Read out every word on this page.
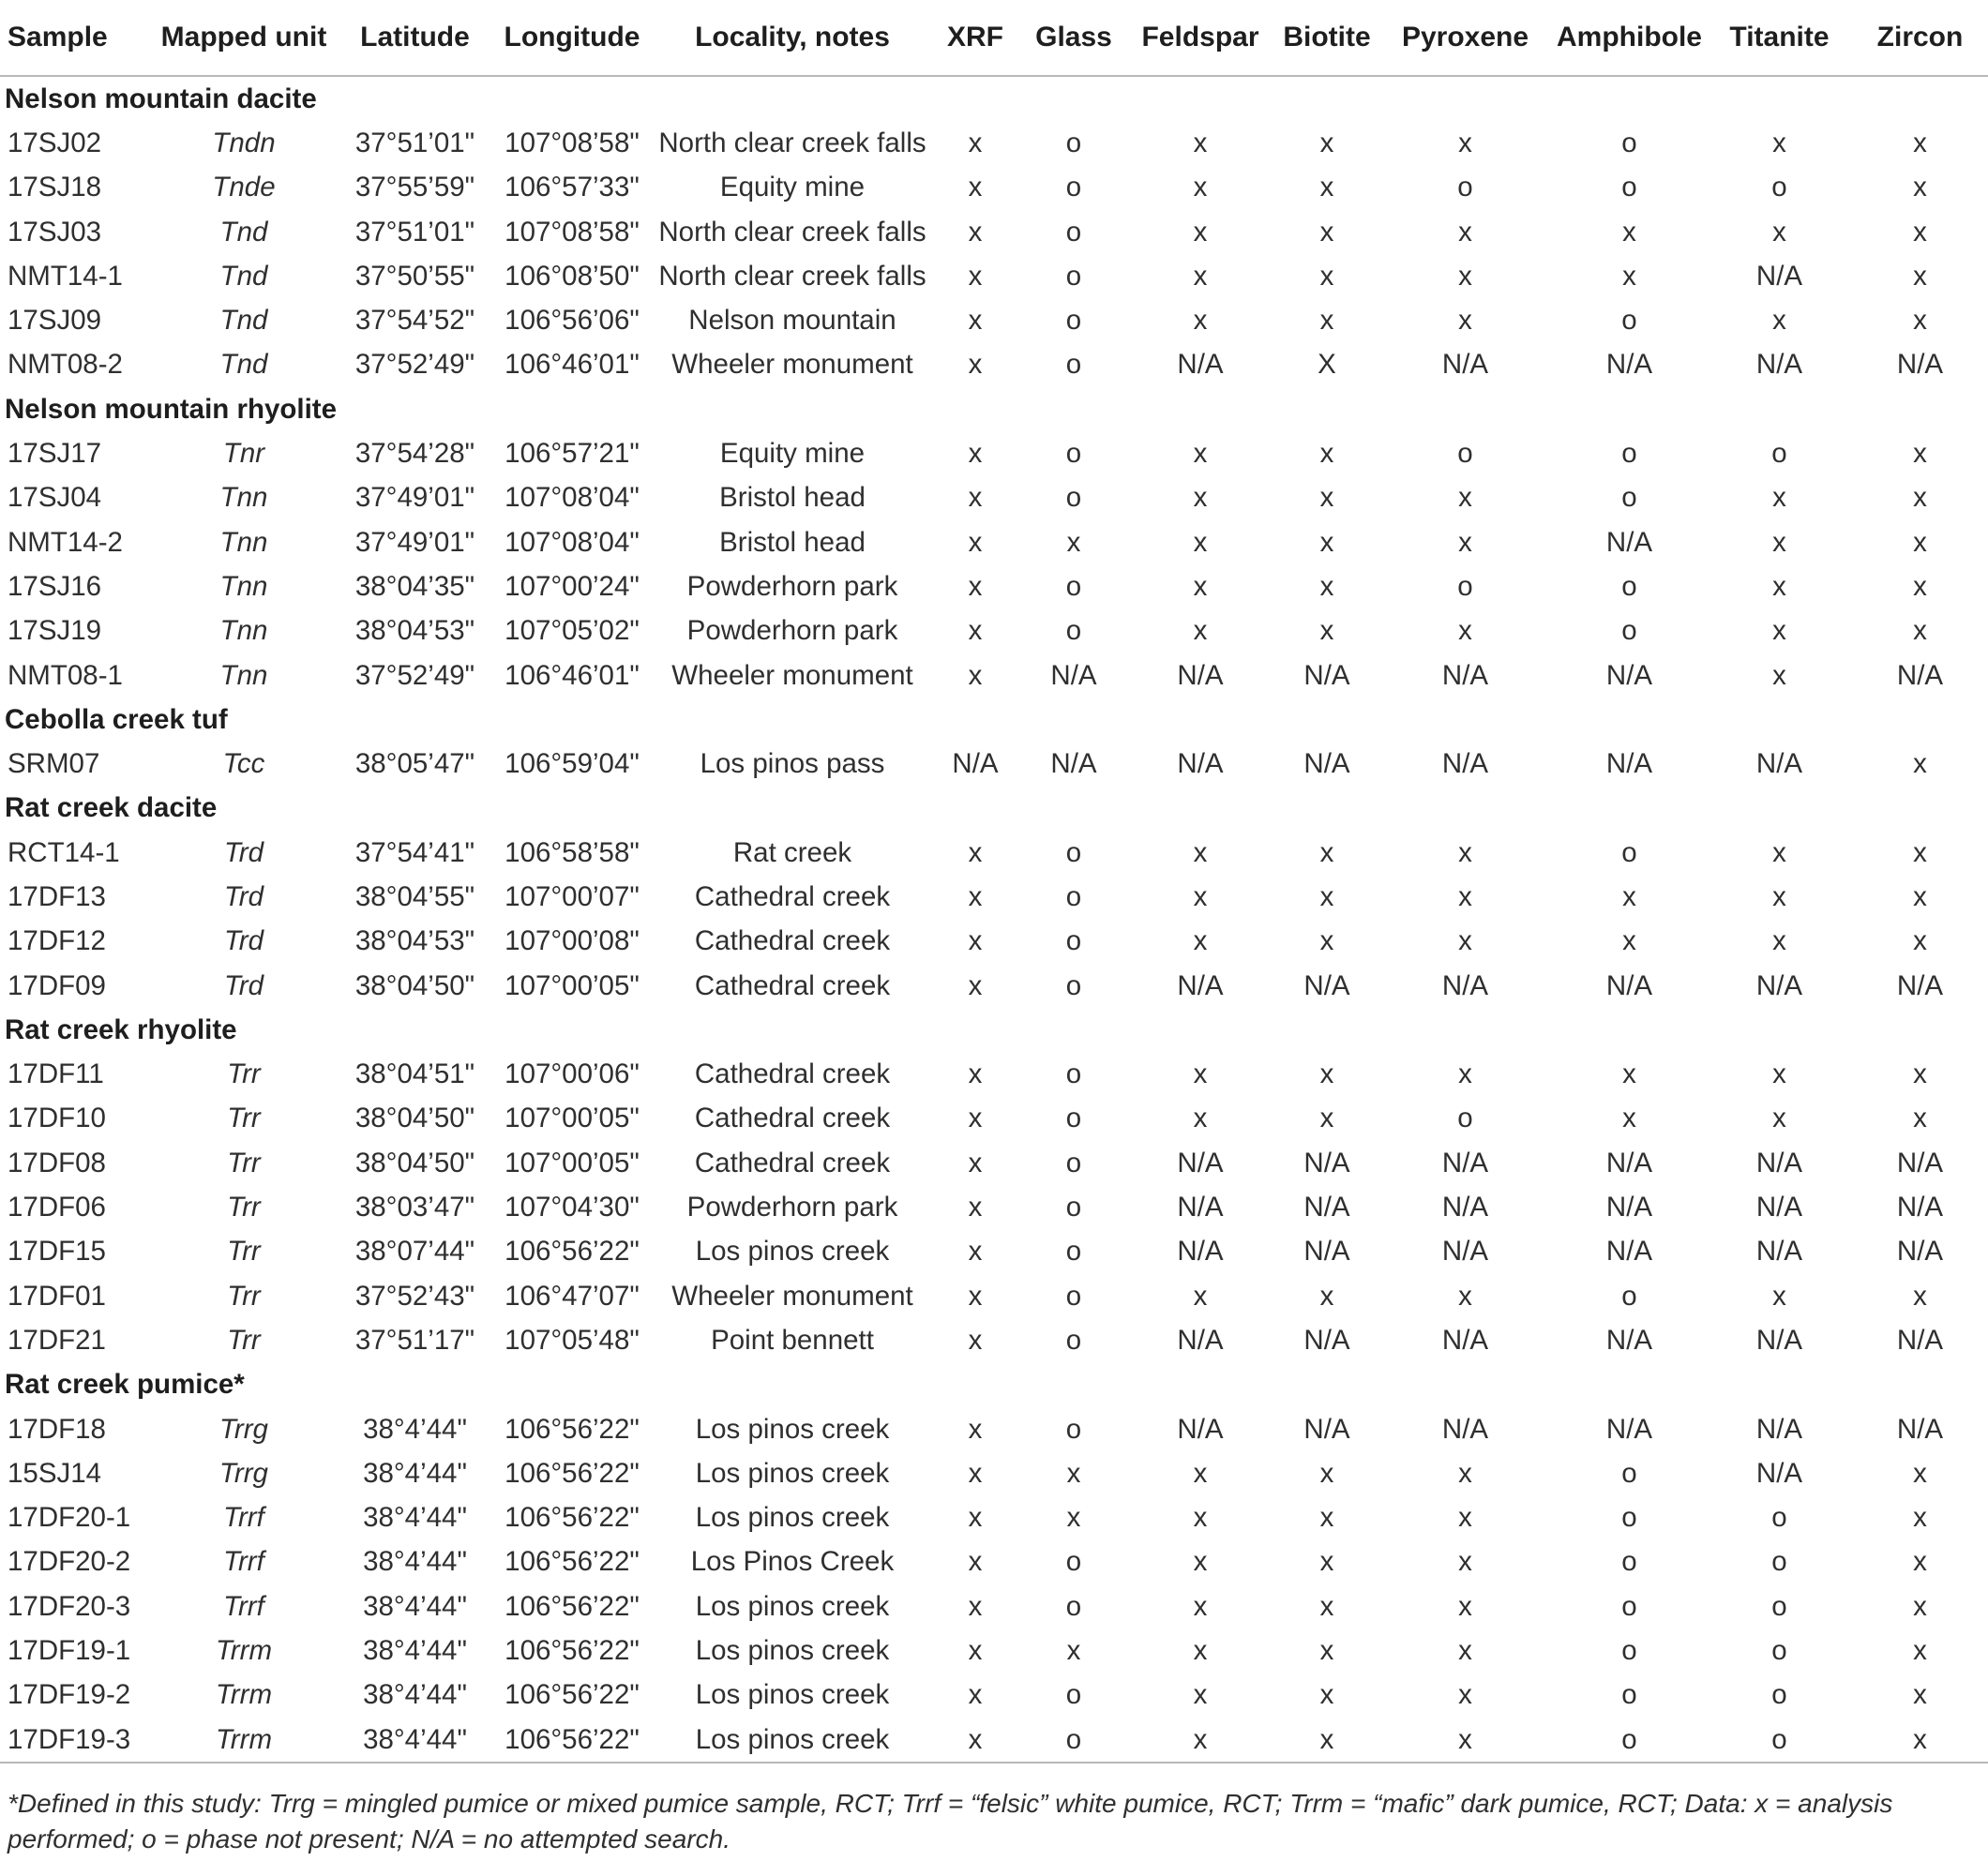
Sample	Mapped unit	Latitude	Longitude	Locality, notes	XRF	Glass	Feldspar	Biotite	Pyroxene	Amphibole	Titanite	Zircon
Nelson mountain dacite												
17SJ02	Tndn	37°51’01"	107°08’58"	North clear creek falls	x	o	x	x	x	o	x	x
17SJ18	Tnde	37°55’59"	106°57’33"	Equity mine	x	o	x	x	o	o	o	x
17SJ03	Tnd	37°51’01"	107°08’58"	North clear creek falls	x	o	x	x	x	x	x	x
NMT14-1	Tnd	37°50’55"	106°08’50"	North clear creek falls	x	o	x	x	x	x	N/A	x
17SJ09	Tnd	37°54’52"	106°56’06"	Nelson mountain	x	o	x	x	x	o	x	x
NMT08-2	Tnd	37°52’49"	106°46’01"	Wheeler monument	x	o	N/A	X	N/A	N/A	N/A	N/A
Nelson mountain rhyolite												
17SJ17	Tnr	37°54’28"	106°57’21"	Equity mine	x	o	x	x	o	o	o	x
17SJ04	Tnn	37°49’01"	107°08’04"	Bristol head	x	o	x	x	x	o	x	x
NMT14-2	Tnn	37°49’01"	107°08’04"	Bristol head	x	x	x	x	x	N/A	x	x
17SJ16	Tnn	38°04’35"	107°00’24"	Powderhorn park	x	o	x	x	o	o	x	x
17SJ19	Tnn	38°04’53"	107°05’02"	Powderhorn park	x	o	x	x	x	o	x	x
NMT08-1	Tnn	37°52’49"	106°46’01"	Wheeler monument	x	N/A	N/A	N/A	N/A	N/A	x	N/A
Cebolla creek tuf												
SRM07	Tcc	38°05’47"	106°59’04"	Los pinos pass	N/A	N/A	N/A	N/A	N/A	N/A	N/A	x
Rat creek dacite												
RCT14-1	Trd	37°54’41"	106°58’58"	Rat creek	x	o	x	x	x	o	x	x
17DF13	Trd	38°04’55"	107°00’07"	Cathedral creek	x	o	x	x	x	x	x	x
17DF12	Trd	38°04’53"	107°00’08"	Cathedral creek	x	o	x	x	x	x	x	x
17DF09	Trd	38°04’50"	107°00’05"	Cathedral creek	x	o	N/A	N/A	N/A	N/A	N/A	N/A
Rat creek rhyolite												
17DF11	Trr	38°04’51"	107°00’06"	Cathedral creek	x	o	x	x	x	x	x	x
17DF10	Trr	38°04’50"	107°00’05"	Cathedral creek	x	o	x	x	o	x	x	x
17DF08	Trr	38°04’50"	107°00’05"	Cathedral creek	x	o	N/A	N/A	N/A	N/A	N/A	N/A
17DF06	Trr	38°03’47"	107°04’30"	Powderhorn park	x	o	N/A	N/A	N/A	N/A	N/A	N/A
17DF15	Trr	38°07’44"	106°56’22"	Los pinos creek	x	o	N/A	N/A	N/A	N/A	N/A	N/A
17DF01	Trr	37°52’43"	106°47’07"	Wheeler monument	x	o	x	x	x	o	x	x
17DF21	Trr	37°51’17"	107°05’48"	Point bennett	x	o	N/A	N/A	N/A	N/A	N/A	N/A
Rat creek pumice*												
17DF18	Trrg	38°4’44"	106°56’22"	Los pinos creek	x	o	N/A	N/A	N/A	N/A	N/A	N/A
15SJ14	Trrg	38°4’44"	106°56’22"	Los pinos creek	x	x	x	x	x	o	N/A	x
17DF20-1	Trrf	38°4’44"	106°56’22"	Los pinos creek	x	x	x	x	x	o	o	x
17DF20-2	Trrf	38°4’44"	106°56’22"	Los Pinos Creek	x	o	x	x	x	o	o	x
17DF20-3	Trrf	38°4’44"	106°56’22"	Los pinos creek	x	o	x	x	x	o	o	x
17DF19-1	Trrm	38°4’44"	106°56’22"	Los pinos creek	x	x	x	x	x	o	o	x
17DF19-2	Trrm	38°4’44"	106°56’22"	Los pinos creek	x	o	x	x	x	o	o	x
17DF19-3	Trrm	38°4’44"	106°56’22"	Los pinos creek	x	o	x	x	x	o	o	x
*Defined in this study: Trrg = mingled pumice or mixed pumice sample, RCT; Trrf = “felsic” white pumice, RCT; Trrm = “mafic” dark pumice, RCT; Data: x = analysis performed; o = phase not present; N/A = no attempted search.
